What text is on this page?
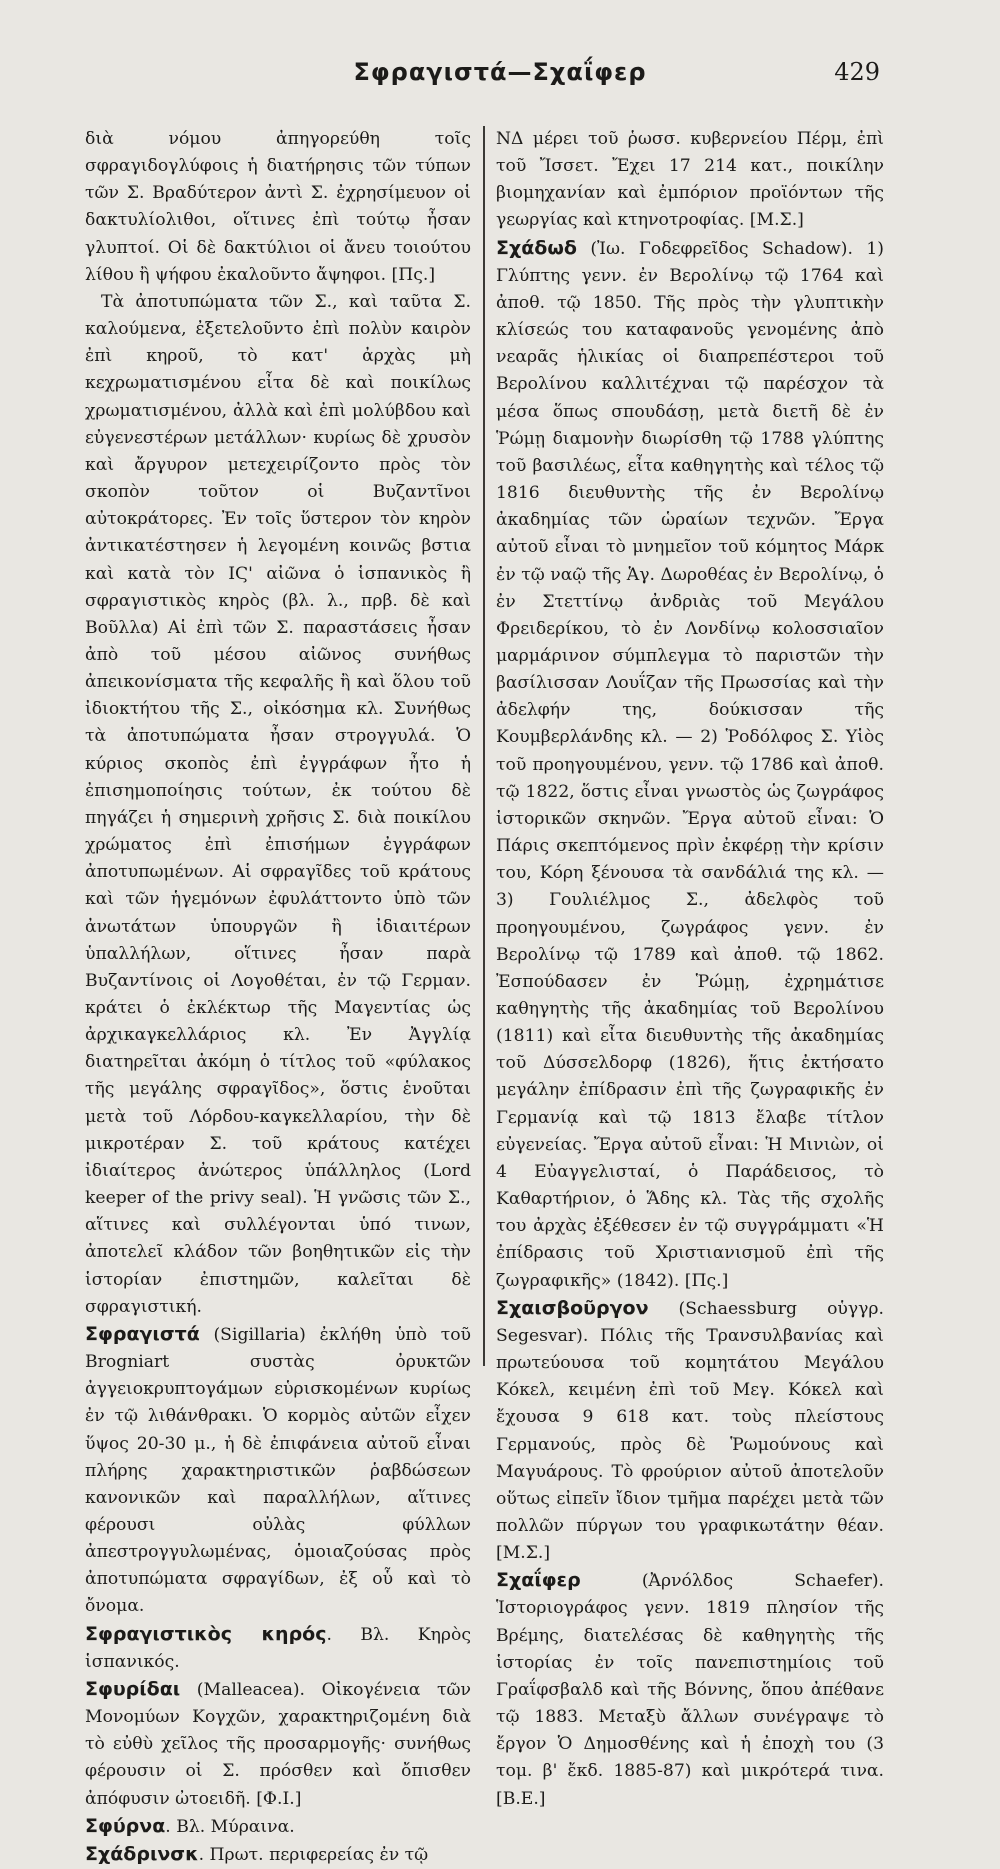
Σφραγιστά—Σχαΐφερ	429

διὰ νόμου ἀπηγορεύθη τοῖς σφραγιδογλύφοις ἡ διατήρησις τῶν τύπων τῶν Σ. Βραδύτερον ἀντὶ Σ. ἐχρησίμευον οἱ δακτυλίολιθοι, οἵτινες ἐπὶ τούτῳ ἦσαν γλυπτοί. Οἱ δὲ δακτύλιοι οἱ ἄνευ τοιούτου λίθου ἢ ψήφου ἐκαλοῦντο ἄψηφοι. [Πς.]

Τὰ ἀποτυπώματα τῶν Σ., καὶ ταῦτα Σ. καλούμενα, ἐξετελοῦντο ἐπὶ πολὺν καιρὸν ἐπὶ κηροῦ, τὸ κατ' ἀρχὰς μὴ κεχρωματισμένου εἶτα δὲ καὶ ποικίλως χρωματισμένου, ἀλλὰ καὶ ἐπὶ μολύβδου καὶ εὐγενεστέρων μετάλλων· κυρίως δὲ χρυσὸν καὶ ἄργυρον μετεχειρίζοντο πρὸς τὸν σκοπὸν τοῦτον οἱ Βυζαντῖνοι αὐτοκράτορες. Ἐν τοῖς ὕστερον τὸν κηρὸν ἀντικατέστησεν ἡ λεγομένη κοινῶς βστια καὶ κατὰ τὸν ΙϚ' αἰῶνα ὁ ἱσπανικὸς ἢ σφραγιστικὸς κηρὸς (βλ. λ., πρβ. δὲ καὶ Βοῦλλα) Αἱ ἐπὶ τῶν Σ. παραστάσεις ἦσαν ἀπὸ τοῦ μέσου αἰῶνος συνήθως ἀπεικονίσματα τῆς κεφαλῆς ἢ καὶ ὅλου τοῦ ἰδιοκτήτου τῆς Σ., οἰκόσημα κλ. Συνήθως τὰ ἀποτυπώματα ἦσαν στρογγυλά. Ὁ κύριος σκοπὸς ἐπὶ ἐγγράφων ἦτο ἡ ἐπισημοποίησις τούτων, ἐκ τούτου δὲ πηγάζει ἡ σημερινὴ χρῆσις Σ. διὰ ποικίλου χρώματος ἐπὶ ἐπισήμων ἐγγράφων ἀποτυπωμένων. Αἱ σφραγῖδες τοῦ κράτους καὶ τῶν ἡγεμόνων ἐφυλάττοντο ὑπὸ τῶν ἀνωτάτων ὑπουργῶν ἢ ἰδιαιτέρων ὑπαλλήλων, οἵτινες ἦσαν παρὰ Βυζαντίνοις οἱ Λογοθέται, ἐν τῷ Γερμαν. κράτει ὁ ἐκλέκτωρ τῆς Μαγεντίας ὡς ἀρχικαγκελλάριος κλ. Ἐν Ἀγγλίᾳ διατηρεῖται ἀκόμη ὁ τίτλος τοῦ «φύλακος τῆς μεγάλης σφραγῖδος», ὅστις ἑνοῦται μετὰ τοῦ Λόρδου-καγκελλαρίου, τὴν δὲ μικροτέραν Σ. τοῦ κράτους κατέχει ἰδιαίτερος ἀνώτερος ὑπάλληλος (Lord keeper of the privy seal). Ἡ γνῶσις τῶν Σ., αἵτινες καὶ συλλέγονται ὑπό τινων, ἀποτελεῖ κλάδον τῶν βοηθητικῶν εἰς τὴν ἱστορίαν ἐπιστημῶν, καλεῖται δὲ σφραγιστική.

Σφραγιστά (Sigillaria) ἐκλήθη ὑπὸ τοῦ Brogniart συστὰς ὀρυκτῶν ἀγγειοκρυπτογάμων εὑρισκομένων κυρίως ἐν τῷ λιθάνθρακι. Ὁ κορμὸς αὐτῶν εἶχεν ὕψος 20-30 μ., ἡ δὲ ἐπιφάνεια αὐτοῦ εἶναι πλήρης χαρακτηριστικῶν ῥαβδώσεων κανονικῶν καὶ παραλλήλων, αἵτινες φέρουσι οὐλὰς φύλλων ἀπεστρογγυλωμένας, ὁμοιαζούσας πρὸς ἀποτυπώματα σφραγίδων, ἐξ οὗ καὶ τὸ ὄνομα.

Σφραγιστικὸς κηρός. Βλ. Κηρὸς ἱσπανικός.

Σφυρίδαι (Malleacea). Οἰκογένεια τῶν Μονομύων Κογχῶν, χαρακτηριζομένη διὰ τὸ εὐθὺ χεῖλος τῆς προσαρμογῆς· συνήθως φέρουσιν οἱ Σ. πρόσθεν καὶ ὄπισθεν ἀπόφυσιν ὠτοειδῆ. [Φ.Ι.]

Σφύρνα. Βλ. Μύραινα.

Σχάδρινσκ. Πρωτ. περιφερείας ἐν τῷ

ΝΔ μέρει τοῦ ῥωσσ. κυβερνείου Πέρμ, ἐπὶ τοῦ Ἴσσετ. Ἔχει 17 214 κατ., ποικίλην βιομηχανίαν καὶ ἐμπόριον προϊόντων τῆς γεωργίας καὶ κτηνοτροφίας. [Μ.Σ.]

Σχάδωδ (Ἰω. Γοδεφρεῖδος Schadow). 1) Γλύπτης γενν. ἐν Βερολίνῳ τῷ 1764 καὶ ἀποθ. τῷ 1850. Τῆς πρὸς τὴν γλυπτικὴν κλίσεώς του καταφανοῦς γενομένης ἀπὸ νεαρᾶς ἡλικίας οἱ διαπρεπέστεροι τοῦ Βερολίνου καλλιτέχναι τῷ παρέσχον τὰ μέσα ὅπως σπουδάσῃ, μετὰ διετῆ δὲ ἐν Ῥώμῃ διαμονὴν διωρίσθη τῷ 1788 γλύπτης τοῦ βασιλέως, εἶτα καθηγητὴς καὶ τέλος τῷ 1816 διευθυντὴς τῆς ἐν Βερολίνῳ ἀκαδημίας τῶν ὡραίων τεχνῶν. Ἔργα αὐτοῦ εἶναι τὸ μνημεῖον τοῦ κόμητος Μάρκ ἐν τῷ ναῷ τῆς Ἁγ. Δωροθέας ἐν Βερολίνῳ, ὁ ἐν Στεττίνῳ ἀνδριὰς τοῦ Μεγάλου Φρειδερίκου, τὸ ἐν Λονδίνῳ κολοσσιαῖον μαρμάρινον σύμπλεγμα τὸ παριστῶν τὴν βασίλισσαν Λουΐζαν τῆς Πρωσσίας καὶ τὴν ἀδελφήν της, δούκισσαν τῆς Κουμβερλάνδης κλ. — 2) Ῥοδόλφος Σ. Υἱὸς τοῦ προηγουμένου, γενν. τῷ 1786 καὶ ἀποθ. τῷ 1822, ὅστις εἶναι γνωστὸς ὡς ζωγράφος ἱστορικῶν σκηνῶν. Ἔργα αὐτοῦ εἶναι: Ὁ Πάρις σκεπτόμενος πρὶν ἐκφέρῃ τὴν κρίσιν του, Κόρη ξένουσα τὰ σανδάλιά της κλ. — 3) Γουλιέλμος Σ., ἀδελφὸς τοῦ προηγουμένου, ζωγράφος γενν. ἐν Βερολίνῳ τῷ 1789 καὶ ἀποθ. τῷ 1862. Ἐσπούδασεν ἐν Ῥώμῃ, ἐχρημάτισε καθηγητὴς τῆς ἀκαδημίας τοῦ Βερολίνου (1811) καὶ εἶτα διευθυντὴς τῆς ἀκαδημίας τοῦ Δύσσελδορφ (1826), ἥτις ἐκτήσατο μεγάλην ἐπίδρασιν ἐπὶ τῆς ζωγραφικῆς ἐν Γερμανίᾳ καὶ τῷ 1813 ἔλαβε τίτλον εὐγενείας. Ἔργα αὐτοῦ εἶναι: Ἡ Μινιὼν, οἱ 4 Εὐαγγελισταί, ὁ Παράδεισος, τὸ Καθαρτήριον, ὁ Ἅδης κλ. Τὰς τῆς σχολῆς του ἀρχὰς ἐξέθεσεν ἐν τῷ συγγράμματι «Ἡ ἐπίδρασις τοῦ Χριστιανισμοῦ ἐπὶ τῆς ζωγραφικῆς» (1842). [Πς.]

Σχαισβοῦργον (Schaessburg οὑγγρ. Segesvar). Πόλις τῆς Τρανσυλβανίας καὶ πρωτεύουσα τοῦ κομητάτου Μεγάλου Κόκελ, κειμένη ἐπὶ τοῦ Μεγ. Κόκελ καὶ ἔχουσα 9 618 κατ. τοὺς πλείστους Γερμανούς, πρὸς δὲ Ῥωμούνους καὶ Μαγυάρους. Τὸ φρούριον αὐτοῦ ἀποτελοῦν οὕτως εἰπεῖν ἴδιον τμῆμα παρέχει μετὰ τῶν πολλῶν πύργων του γραφικωτάτην θέαν. [Μ.Σ.]

Σχαΐφερ (Ἀρνόλδος Schaefer). Ἱστοριογράφος γενν. 1819 πλησίον τῆς Βρέμης, διατελέσας δὲ καθηγητὴς τῆς ἱστορίας ἐν τοῖς πανεπιστημίοις τοῦ Γραΐφσβαλδ καὶ τῆς Βόννης, ὅπου ἀπέθανε τῷ 1883. Μεταξὺ ἄλλων συνέγραψε τὸ ἔργον Ὁ Δημοσθένης καὶ ἡ ἐποχὴ του (3 τομ. β' ἔκδ. 1885-87) καὶ μικρότερά τινα. [Β.Ε.]
